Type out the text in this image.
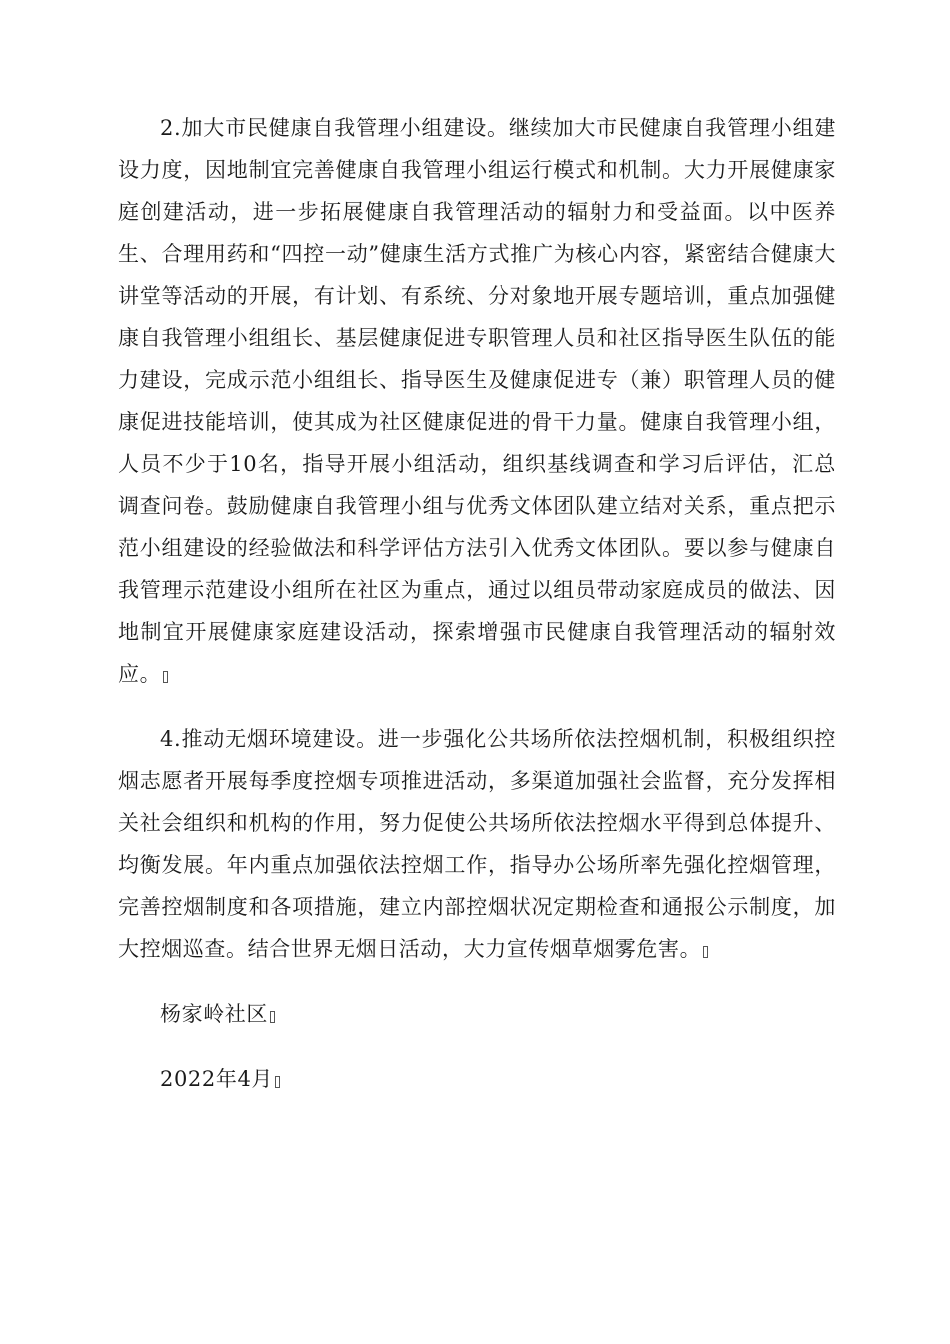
2.加大市民健康自我管理小组建设。继续加大市民健康自我管理小组建设力度，因地制宜完善健康自我管理小组运行模式和机制。大力开展健康家庭创建活动，进一步拓展健康自我管理活动的辐射力和受益面。以中医养生、合理用药和“四控一动”健康生活方式推广为核心内容，紧密结合健康大讲堂等活动的开展，有计划、有系统、分对象地开展专题培训，重点加强健康自我管理小组组长、基层健康促进专职管理人员和社区指导医生队伍的能力建设，完成示范小组组长、指导医生及健康促进专（兼）职管理人员的健康促进技能培训，使其成为社区健康促进的骨干力量。健康自我管理小组，人员不少于10名，指导开展小组活动，组织基线调查和学习后评估，汇总调查问卷。鼓励健康自我管理小组与优秀文体团队建立结对关系，重点把示范小组建设的经验做法和科学评估方法引入优秀文体团队。要以参与健康自我管理示范建设小组所在社区为重点，通过以组员带动家庭成员的做法、因地制宜开展健康家庭建设活动，探索增强市民健康自我管理活动的辐射效应。

4.推动无烟环境建设。进一步强化公共场所依法控烟机制，积极组织控烟志愿者开展每季度控烟专项推进活动，多渠道加强社会监督，充分发挥相关社会组织和机构的作用，努力促使公共场所依法控烟水平得到总体提升、均衡发展。年内重点加强依法控烟工作，指导办公场所率先强化控烟管理，完善控烟制度和各项措施，建立内部控烟状况定期检查和通报公示制度，加大控烟巡查。结合世界无烟日活动，大力宣传烟草烟雾危害。

杨家岭社区

2022年4月
